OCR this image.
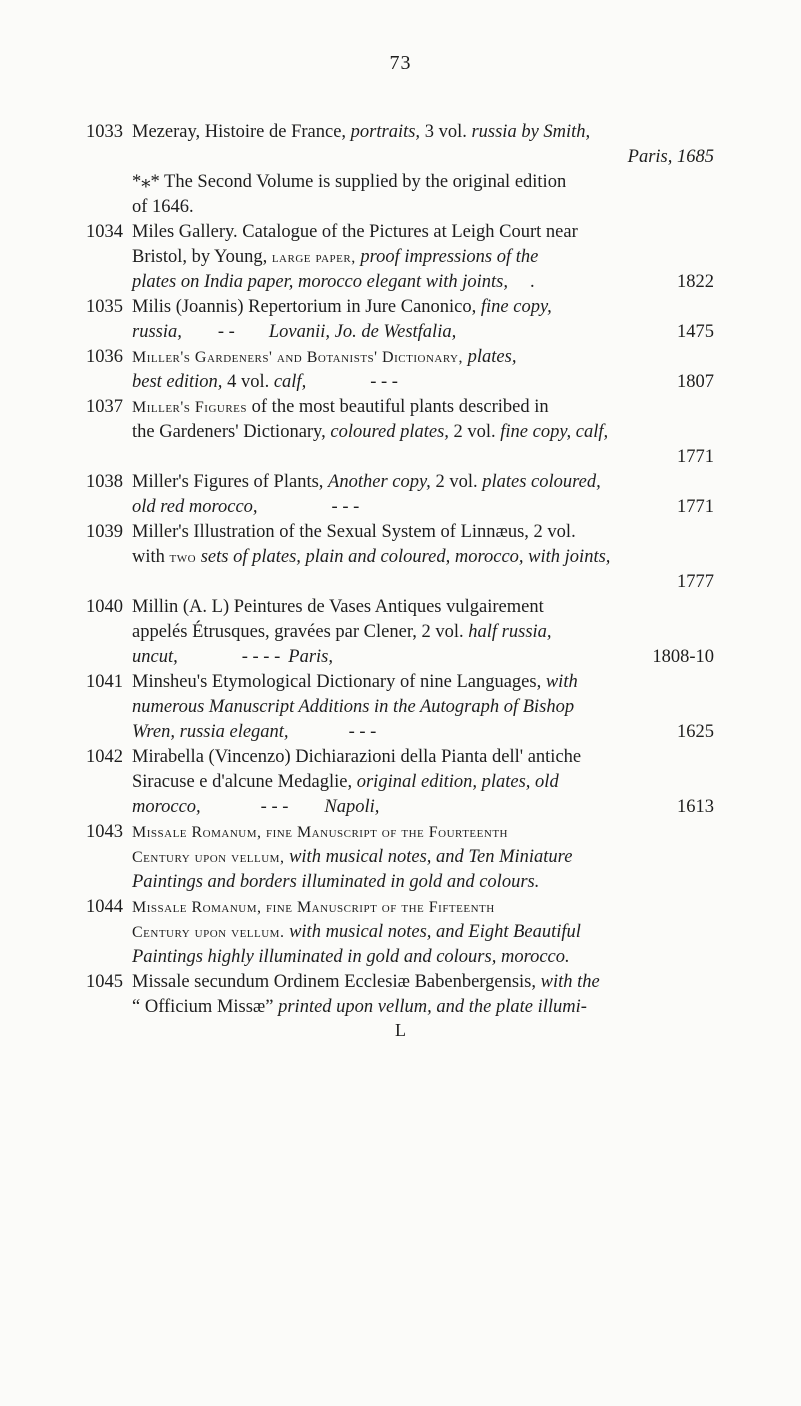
73
1033 Mezeray, Histoire de France, portraits, 3 vol. russia by Smith,
Paris, 1685
*⁎* The Second Volume is supplied by the original edition
of 1646.
1034 Miles Gallery. Catalogue of the Pictures at Leigh Court near
Bristol, by Young, large paper, proof impressions of the
plates on India paper, morocco elegant with joints, .	1822
1035 Milis (Joannis) Repertorium in Jure Canonico, fine copy,
russia, - - Lovanii, Jo. de Westfalia,	1475
1036 Miller's Gardeners' and Botanists' Dictionary, plates,
best edition, 4 vol. calf,	- - -	1807
1037 Miller's Figures of the most beautiful plants described in
the Gardeners' Dictionary, coloured plates, 2 vol. fine copy, calf,
1771
1038 Miller's Figures of Plants, Another copy, 2 vol. plates coloured,
old red morocco,	- - -	1771
1039 Miller's Illustration of the Sexual System of Linnæus, 2 vol.
with two sets of plates, plain and coloured, morocco, with joints,
1777
1040 Millin (A. L) Peintures de Vases Antiques vulgairement
appelés Étrusques, gravées par Clener, 2 vol. half russia,
uncut,	- - - - Paris,	1808-10
1041 Minsheu's Etymological Dictionary of nine Languages, with
numerous Manuscript Additions in the Autograph of Bishop
Wren, russia elegant,	- - -	1625
1042 Mirabella (Vincenzo) Dichiarazioni della Pianta dell' antiche
Siracuse e d'alcune Medaglie, original edition, plates, old
morocco,	- - - Napoli,	1613
1043 Missale Romanum, fine Manuscript of the Fourteenth
Century upon vellum, with musical notes, and Ten Miniature
Paintings and borders illuminated in gold and colours.
1044 Missale Romanum, fine Manuscript of the Fifteenth
Century upon vellum. with musical notes, and Eight Beautiful
Paintings highly illuminated in gold and colours, morocco.
1045 Missale secundum Ordinem Ecclesiæ Babenbergensis, with the
“ Officium Missæ” printed upon vellum, and the plate illumi-
L
